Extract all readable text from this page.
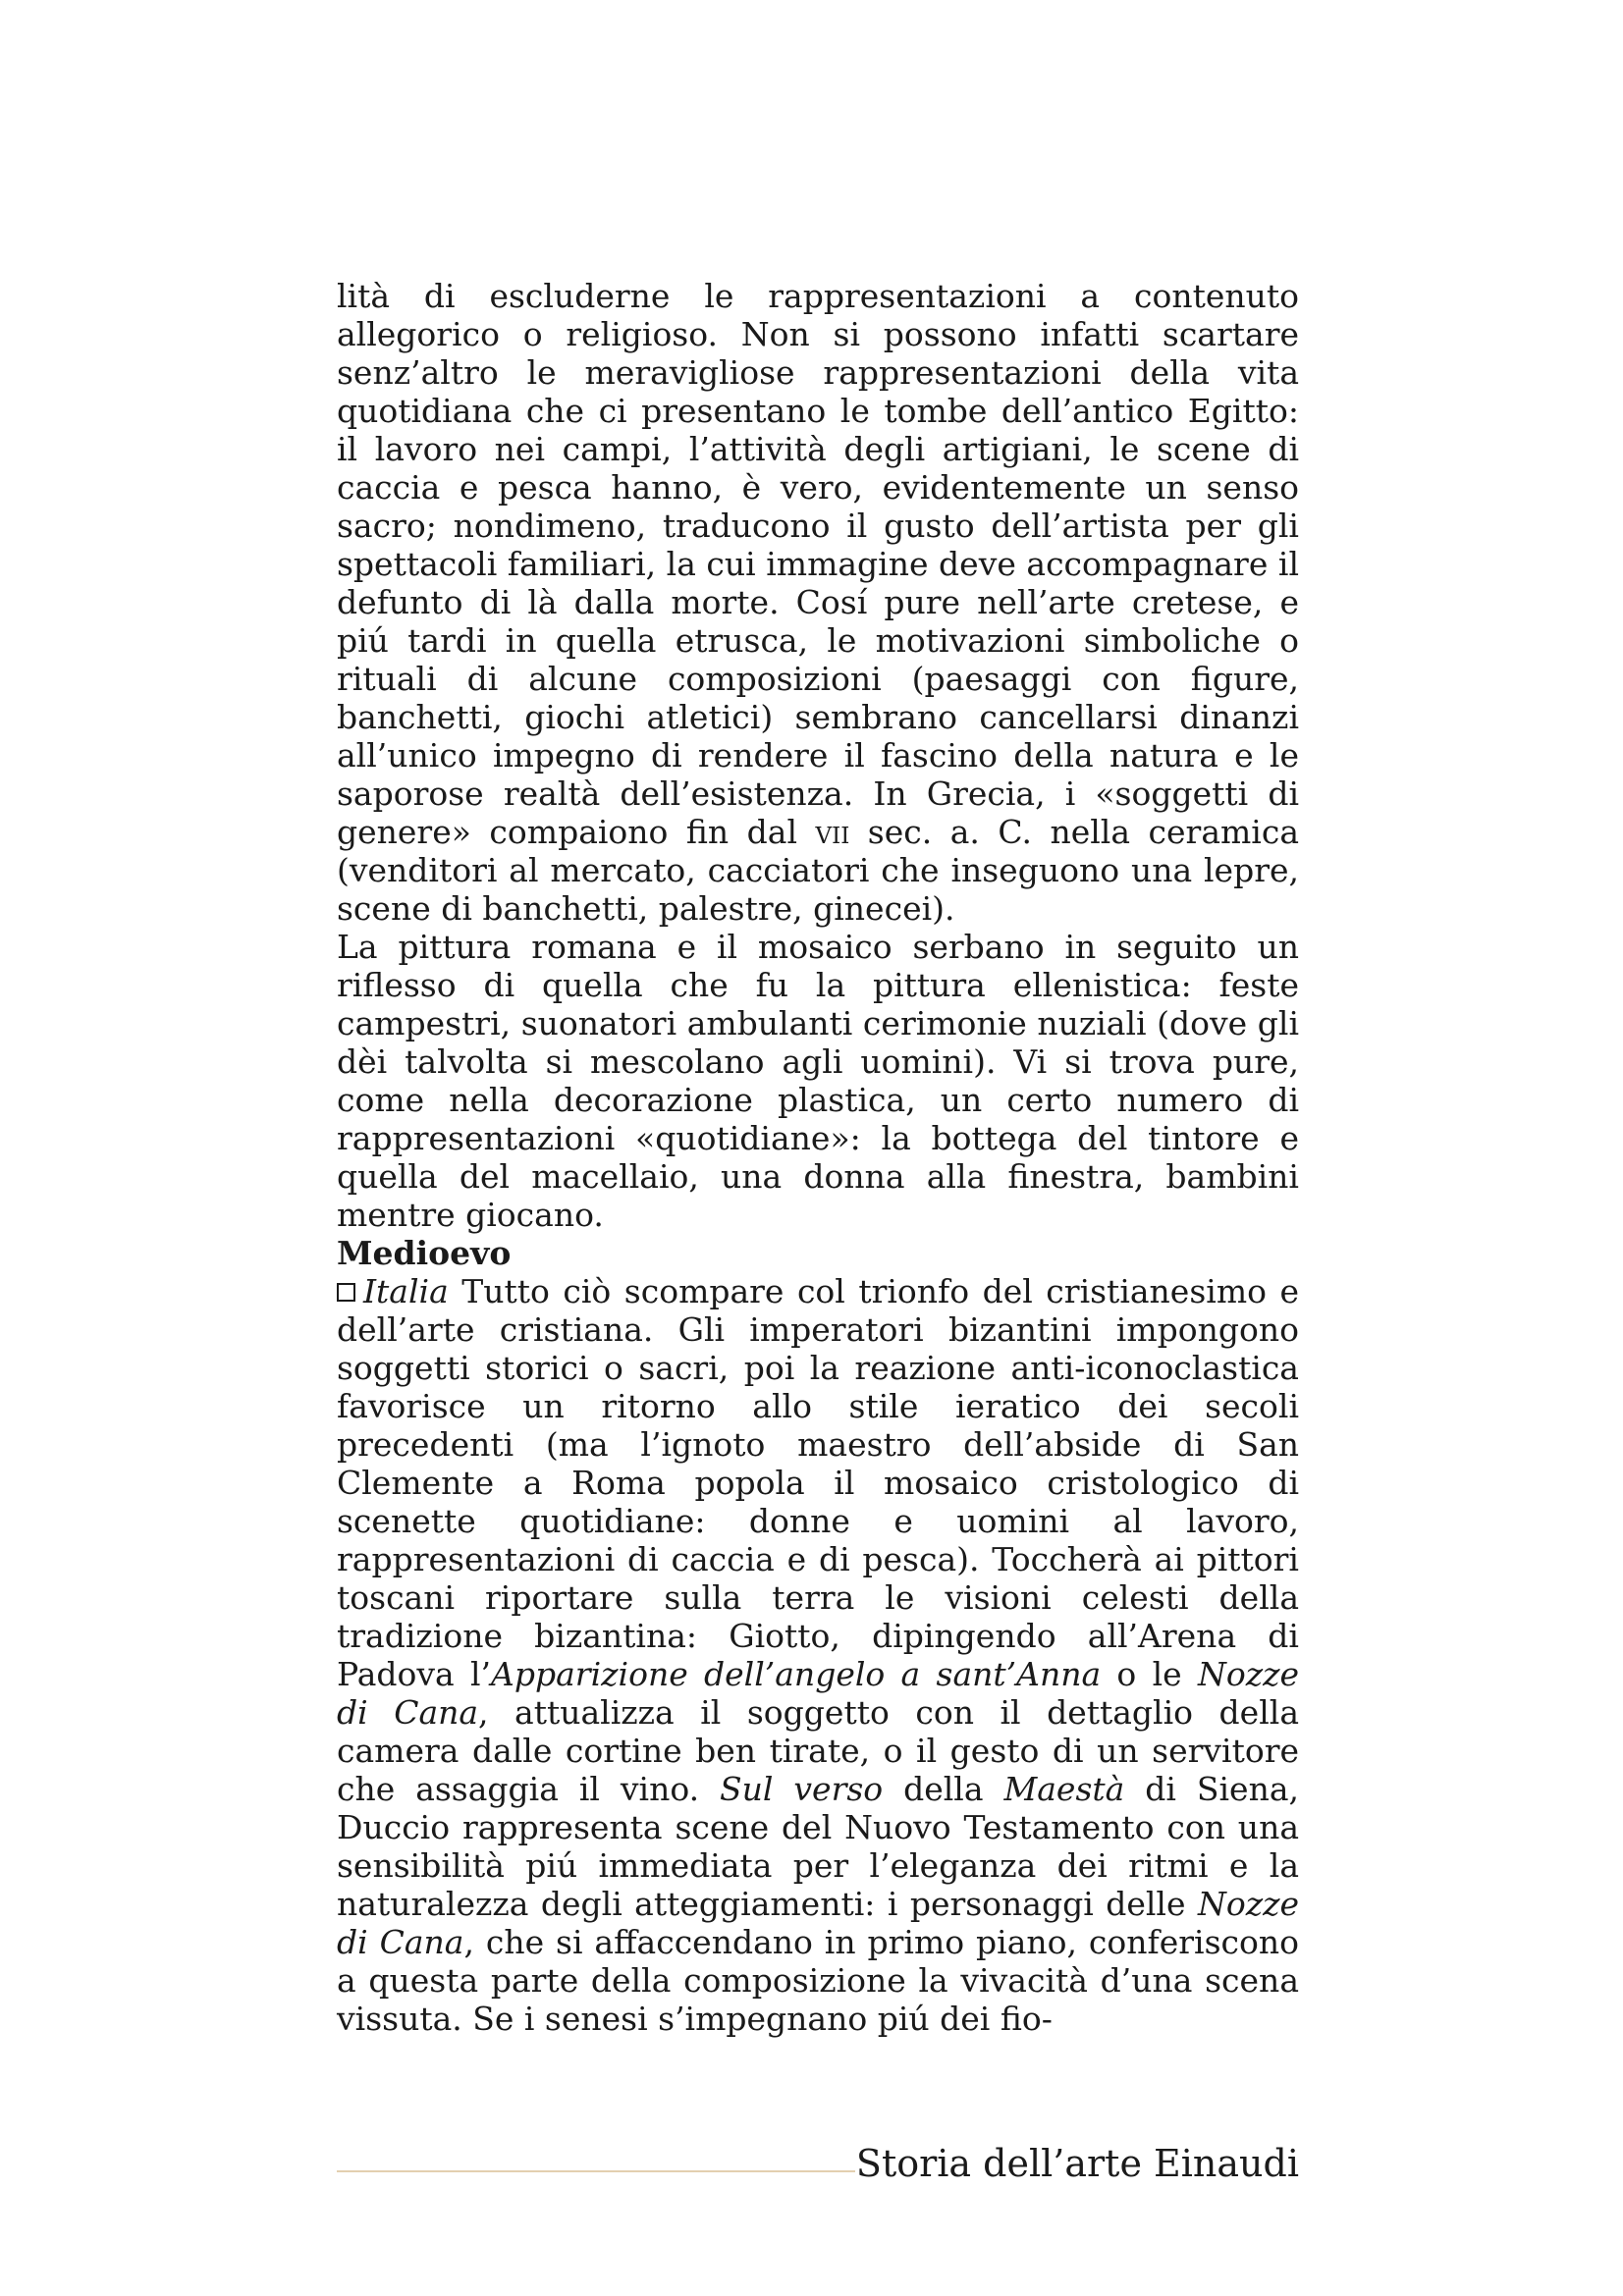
lità di escluderne le rappresentazioni a contenuto allegorico o religioso. Non si possono infatti scartare senz’altro le meravigliose rappresentazioni della vita quotidiana che ci presentano le tombe dell’antico Egitto: il lavoro nei campi, l’attività degli artigiani, le scene di caccia e pesca hanno, è vero, evidentemente un senso sacro; nondimeno, traducono il gusto dell’artista per gli spettacoli familiari, la cui immagine deve accompagnare il defunto di là dalla morte. Cosí pure nell’arte cretese, e piú tardi in quella etrusca, le motivazioni simboliche o rituali di alcune composizioni (paesaggi con figure, banchetti, giochi atletici) sembrano cancellarsi dinanzi all’unico impegno di rendere il fascino della natura e le saporose realtà dell’esistenza. In Grecia, i «soggetti di genere» compaiono fin dal vii sec. a. C. nella ceramica (venditori al mercato, cacciatori che inseguono una lepre, scene di banchetti, palestre, ginecei).

La pittura romana e il mosaico serbano in seguito un riflesso di quella che fu la pittura ellenistica: feste campestri, suonatori ambulanti cerimonie nuziali (dove gli dèi talvolta si mescolano agli uomini). Vi si trova pure, come nella decorazione plastica, un certo numero di rappresentazioni «quotidiane»: la bottega del tintore e quella del macellaio, una donna alla finestra, bambini mentre giocano.

Medioevo

Italia Tutto ciò scompare col trionfo del cristianesimo e dell’arte cristiana. Gli imperatori bizantini impongono soggetti storici o sacri, poi la reazione anti-iconoclastica favorisce un ritorno allo stile ieratico dei secoli precedenti (ma l’ignoto maestro dell’abside di San Clemente a Roma popola il mosaico cristologico di scenette quotidiane: donne e uomini al lavoro, rappresentazioni di caccia e di pesca). Toccherà ai pittori toscani riportare sulla terra le visioni celesti della tradizione bizantina: Giotto, dipingendo all’Arena di Padova l’Apparizione dell’angelo a sant’Anna o le Nozze di Cana, attualizza il soggetto con il dettaglio della camera dalle cortine ben tirate, o il gesto di un servitore che assaggia il vino. Sul verso della Maestà di Siena, Duccio rappresenta scene del Nuovo Testamento con una sensibilità piú immediata per l’eleganza dei ritmi e la naturalezza degli atteggiamenti: i personaggi delle Nozze di Cana, che si affaccendano in primo piano, conferiscono a questa parte della composizione la vivacità d’una scena vissuta. Se i senesi s’impegnano piú dei fio-

Storia dell’arte Einaudi
